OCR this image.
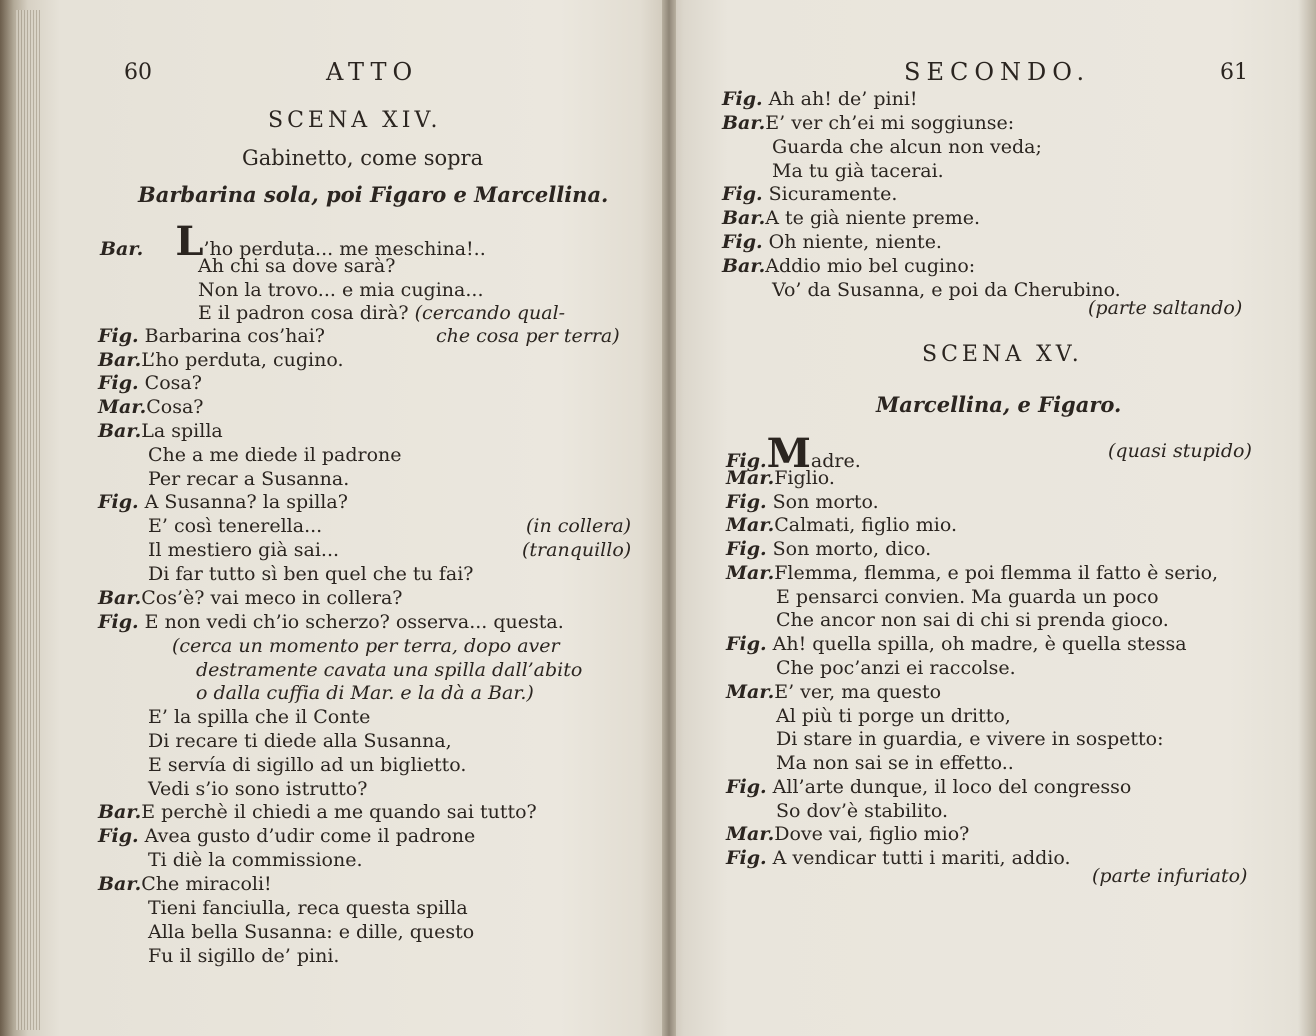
60	ATTO
SCENA XIV.
Gabinetto, come sopra
Barbarina sola, poi Figaro e Marcellina.
Bar. L’ho perduta... me meschina!..
Ah chi sa dove sarà?
Non la trovo... e mia cugina...
E il padron cosa dirà? (cercando qual-
Fig. Barbarina cos’hai?	che cosa per terra)
Bar.L’ho perduta, cugino.
Fig. Cosa?
Mar.Cosa?
Bar.La spilla
Che a me diede il padrone
Per recar a Susanna.
Fig. A Susanna? la spilla?
E’ così tenerella...	(in collera)
Il mestiero già sai...	(tranquillo)
Di far tutto sì ben quel che tu fai?
Bar.Cos’è? vai meco in collera?
Fig. E non vedi ch’io scherzo? osserva... questa.
(cerca un momento per terra, dopo aver
destramente cavata una spilla dall’abito
o dalla cuffia di Mar. e la dà a Bar.)
E’ la spilla che il Conte
Di recare ti diede alla Susanna,
E servía di sigillo ad un biglietto.
Vedi s’io sono istrutto?
Bar.E perchè il chiedi a me quando sai tutto?
Fig. Avea gusto d’udir come il padrone
Ti diè la commissione.
Bar.Che miracoli!
Tieni fanciulla, reca questa spilla
Alla bella Susanna: e dille, questo
Fu il sigillo de’ pini.
SECONDO.	61
Fig. Ah ah! de’ pini!
Bar.E’ ver ch’ei mi soggiunse:
Guarda che alcun non veda;
Ma tu già tacerai.
Fig. Sicuramente.
Bar.A te già niente preme.
Fig. Oh niente, niente.
Bar.Addio mio bel cugino:
Vo’ da Susanna, e poi da Cherubino.
(parte saltando)
SCENA XV.
Marcellina, e Figaro.
Fig.Madre.	(quasi stupido)
Mar.Figlio.
Fig. Son morto.
Mar.Calmati, figlio mio.
Fig. Son morto, dico.
Mar.Flemma, flemma, e poi flemma il fatto è serio,
E pensarci convien. Ma guarda un poco
Che ancor non sai di chi si prenda gioco.
Fig. Ah! quella spilla, oh madre, è quella stessa
Che poc’anzi ei raccolse.
Mar.E’ ver, ma questo
Al più ti porge un dritto,
Di stare in guardia, e vivere in sospetto:
Ma non sai se in effetto..
Fig. All’arte dunque, il loco del congresso
So dov’è stabilito.
Mar.Dove vai, figlio mio?
Fig. A vendicar tutti i mariti, addio.
(parte infuriato)
